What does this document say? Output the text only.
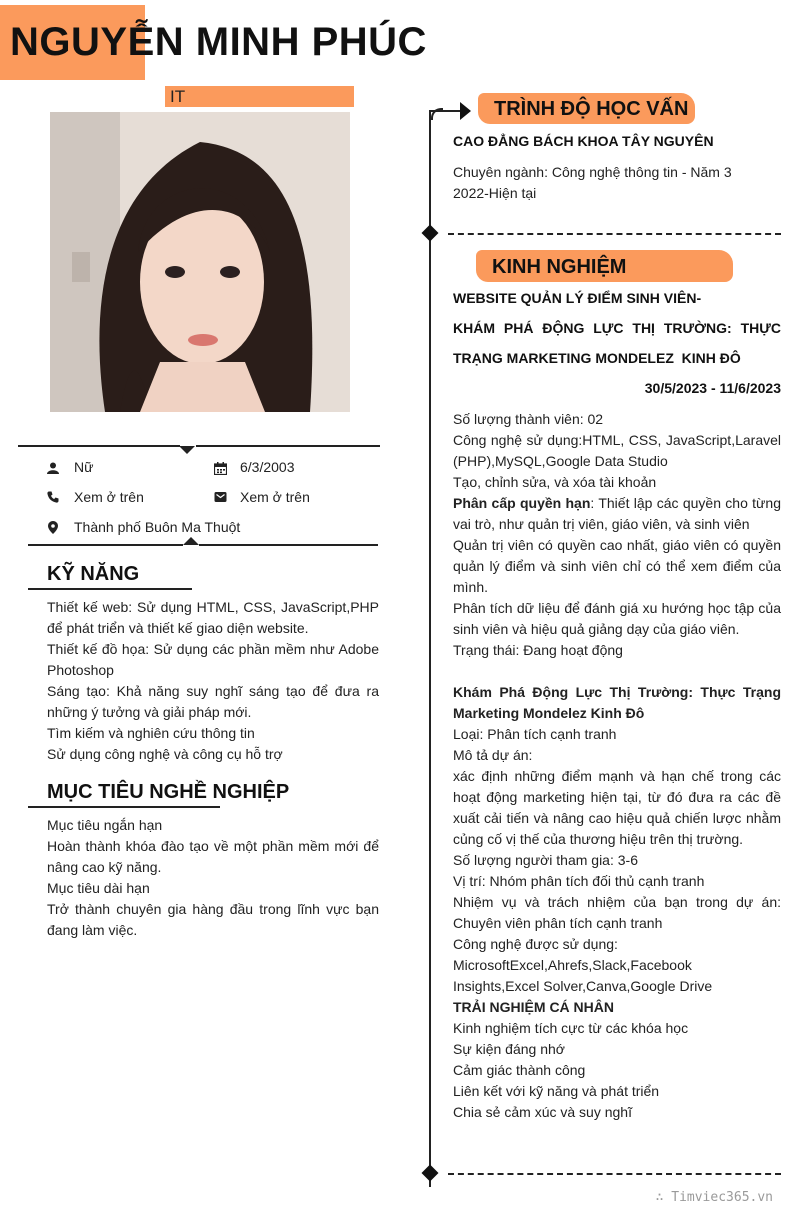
NGUYỄN MINH PHÚC
IT
Nữ	6/3/2003
Xem ở trên	Xem ở trên
Thành phố Buôn Ma Thuột
KỸ NĂNG

Thiết kế web: Sử dụng HTML, CSS, JavaScript,PHP để phát triển và thiết kế giao diện website.

Thiết kế đồ họa: Sử dụng các phần mềm như Adobe Photoshop

Sáng tạo: Khả năng suy nghĩ sáng tạo để đưa ra những ý tưởng và giải pháp mới.

Tìm kiếm và nghiên cứu thông tin

Sử dụng công nghệ và công cụ hỗ trợ

MỤC TIÊU NGHỀ NGHIỆP

Mục tiêu ngắn hạn

Hoàn thành khóa đào tạo về một phần mềm mới để nâng cao kỹ năng.

Mục tiêu dài hạn

Trở thành chuyên gia hàng đầu trong lĩnh vực bạn đang làm việc.

TRÌNH ĐỘ HỌC VẤN
CAO ĐẲNG BÁCH KHOA TÂY NGUYÊN
Chuyên ngành: Công nghệ thông tin - Năm 3
2022-Hiện tại
KINH NGHIỆM
WEBSITE QUẢN LÝ ĐIỂM SINH VIÊN-
KHÁM PHÁ ĐỘNG LỰC THỊ TRƯỜNG: THỰC
TRẠNG MARKETING MONDELEZ  KINH ĐÔ
30/5/2023 - 11/6/2023

Số lượng thành viên: 02

Công nghệ sử dụng:HTML, CSS, JavaScript,Laravel (PHP),MySQL,Google Data Studio

Tạo, chỉnh sửa, và xóa tài khoản

Phân cấp quyền hạn: Thiết lập các quyền cho từng vai trò, như quản trị viên, giáo viên, và sinh viên

Quản trị viên có quyền cao nhất, giáo viên có quyền quản lý điểm và sinh viên chỉ có thể xem điểm của mình.

Phân tích dữ liệu để đánh giá xu hướng học tập của sinh viên và hiệu quả giảng dạy của giáo viên.

Trạng thái: Đang hoạt động

Khám Phá Động Lực Thị Trường: Thực Trạng Marketing Mondelez Kinh Đô

Loại: Phân tích cạnh tranh

Mô tả dự án:

xác định những điểm mạnh và hạn chế trong các hoạt động marketing hiện tại, từ đó đưa ra các đề xuất cải tiến và nâng cao hiệu quả chiến lược nhằm củng cố vị thế của thương hiệu trên thị trường.

Số lượng người tham gia: 3-6

Vị trí: Nhóm phân tích đối thủ cạnh tranh

Nhiệm vụ và trách nhiệm của bạn trong dự án: Chuyên viên phân tích cạnh tranh

Công nghệ được sử dụng:

MicrosoftExcel,Ahrefs,Slack,Facebook Insights,Excel Solver,Canva,Google Drive

TRẢI NGHIỆM CÁ NHÂN

Kinh nghiệm tích cực từ các khóa học

Sự kiện đáng nhớ

Cảm giác thành công

Liên kết với kỹ năng và phát triển

Chia sẻ cảm xúc và suy nghĩ

∴ Timviec365.vn
